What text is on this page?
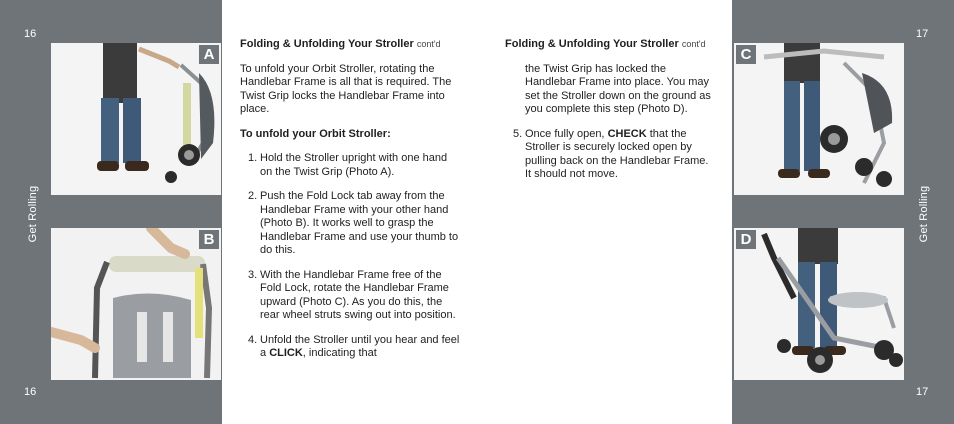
16
16
Get Rolling
17
17
Get Rolling
A
B
C
D
Folding & Unfolding Your Stroller cont'd

To unfold your Orbit Stroller, rotating the Handlebar Frame is all that is required. The Twist Grip locks the Handlebar Frame into place.

To unfold your Orbit Stroller:

1. Hold the Stroller upright with one hand on the Twist Grip (Photo A).
2. Push the Fold Lock tab away from the Handlebar Frame with your other hand (Photo B). It works well to grasp the Handlebar Frame and use your thumb to do this.
3. With the Handlebar Frame free of the Fold Lock, rotate the Handlebar Frame upward (Photo C). As you do this, the rear wheel struts swing out into position.
4. Unfold the Stroller until you hear and feel a CLICK, indicating that
Folding & Unfolding Your Stroller cont'd

the Twist Grip has locked the Handlebar Frame into place. You may set the Stroller down on the ground as you complete this step (Photo D).

5. Once fully open, CHECK that the Stroller is securely locked open by pulling back on the Handlebar Frame. It should not move.
